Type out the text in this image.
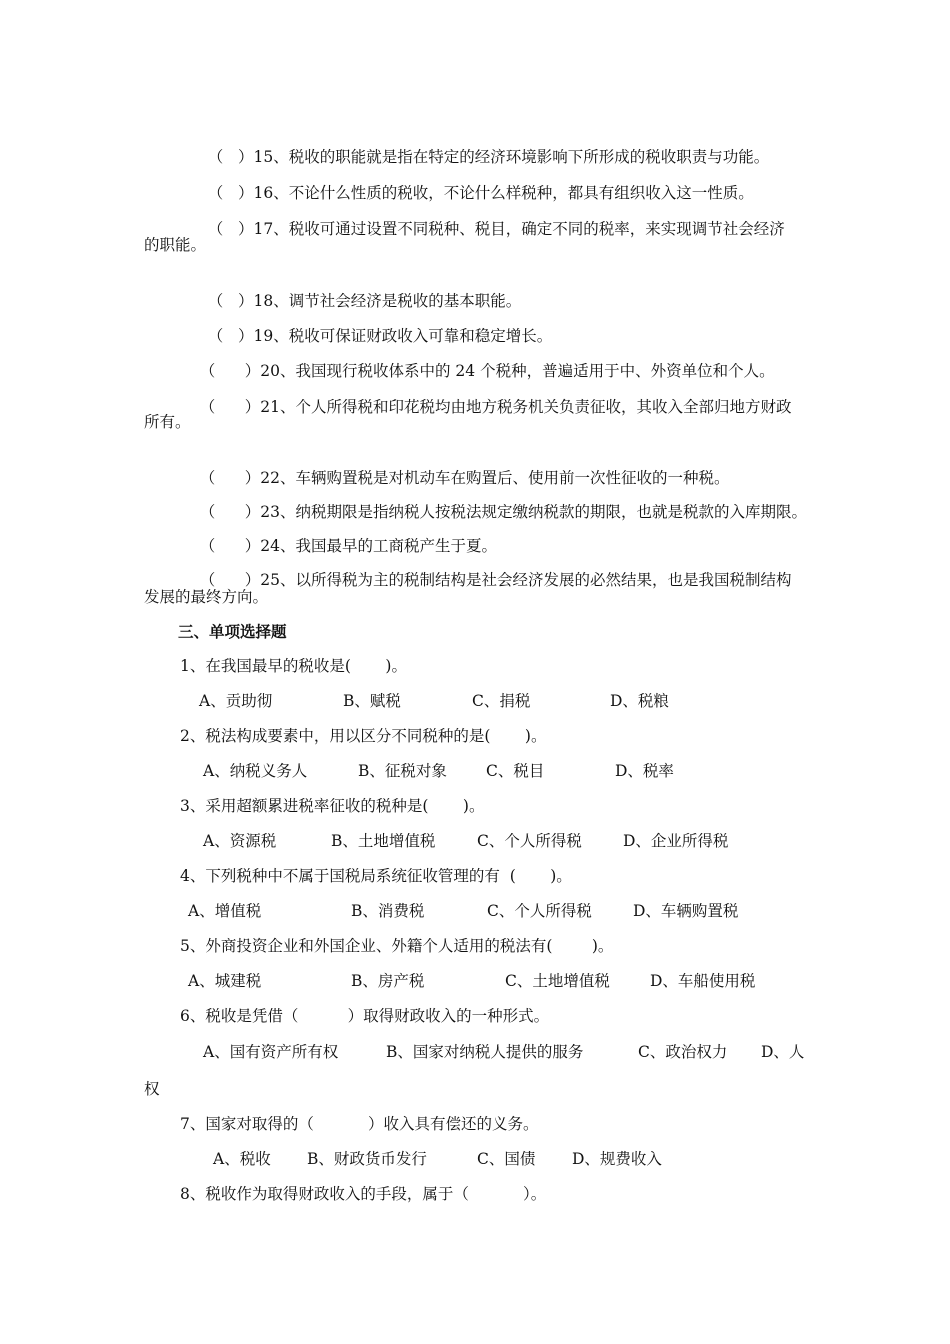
（   ）15、税收的职能就是指在特定的经济环境影响下所形成的税收职责与功能。

（   ）16、不论什么性质的税收，不论什么样税种，都具有组织收入这一性质。

（   ）17、税收可通过设置不同税种、税目，确定不同的税率，来实现调节社会经济

的职能。

（   ）18、调节社会经济是税收的基本职能。

（   ）19、税收可保证财政收入可靠和稳定增长。

（      ）20、我国现行税收体系中的 24 个税种，普遍适用于中、外资单位和个人。

（      ）21、个人所得税和印花税均由地方税务机关负责征收，其收入全部归地方财政

所有。

（      ）22、车辆购置税是对机动车在购置后、使用前一次性征收的一种税。

（      ）23、纳税期限是指纳税人按税法规定缴纳税款的期限，也就是税款的入库期限。

（      ）24、我国最早的工商税产生于夏。

（      ）25、以所得税为主的税制结构是社会经济发展的必然结果，也是我国税制结构

发展的最终方向。
三、单项选择题
1、在我国最早的税收是(       )。
A、贡助彻	B、赋税	C、捐税	D、税粮
2、税法构成要素中，用以区分不同税种的是(       )。
A、纳税义务人	B、征税对象	C、税目	D、税率
3、采用超额累进税率征收的税种是(       )。
A、资源税	B、土地增值税	C、个人所得税	D、企业所得税
4、下列税种中不属于国税局系统征收管理的有  (       )。
A、增值税	B、消费税	C、个人所得税	D、车辆购置税
5、外商投资企业和外国企业、外籍个人适用的税法有(        )。
A、城建税	B、房产税	C、土地增值税	D、车船使用税
6、税收是凭借（          ）取得财政收入的一种形式。
A、国有资产所有权	B、国家对纳税人提供的服务	C、政治权力 D、人
权
7、国家对取得的（           ）收入具有偿还的义务。
A、税收 B、财政货币发行	C、国债 D、规费收入
8、税收作为取得财政收入的手段，属于（           ）。
